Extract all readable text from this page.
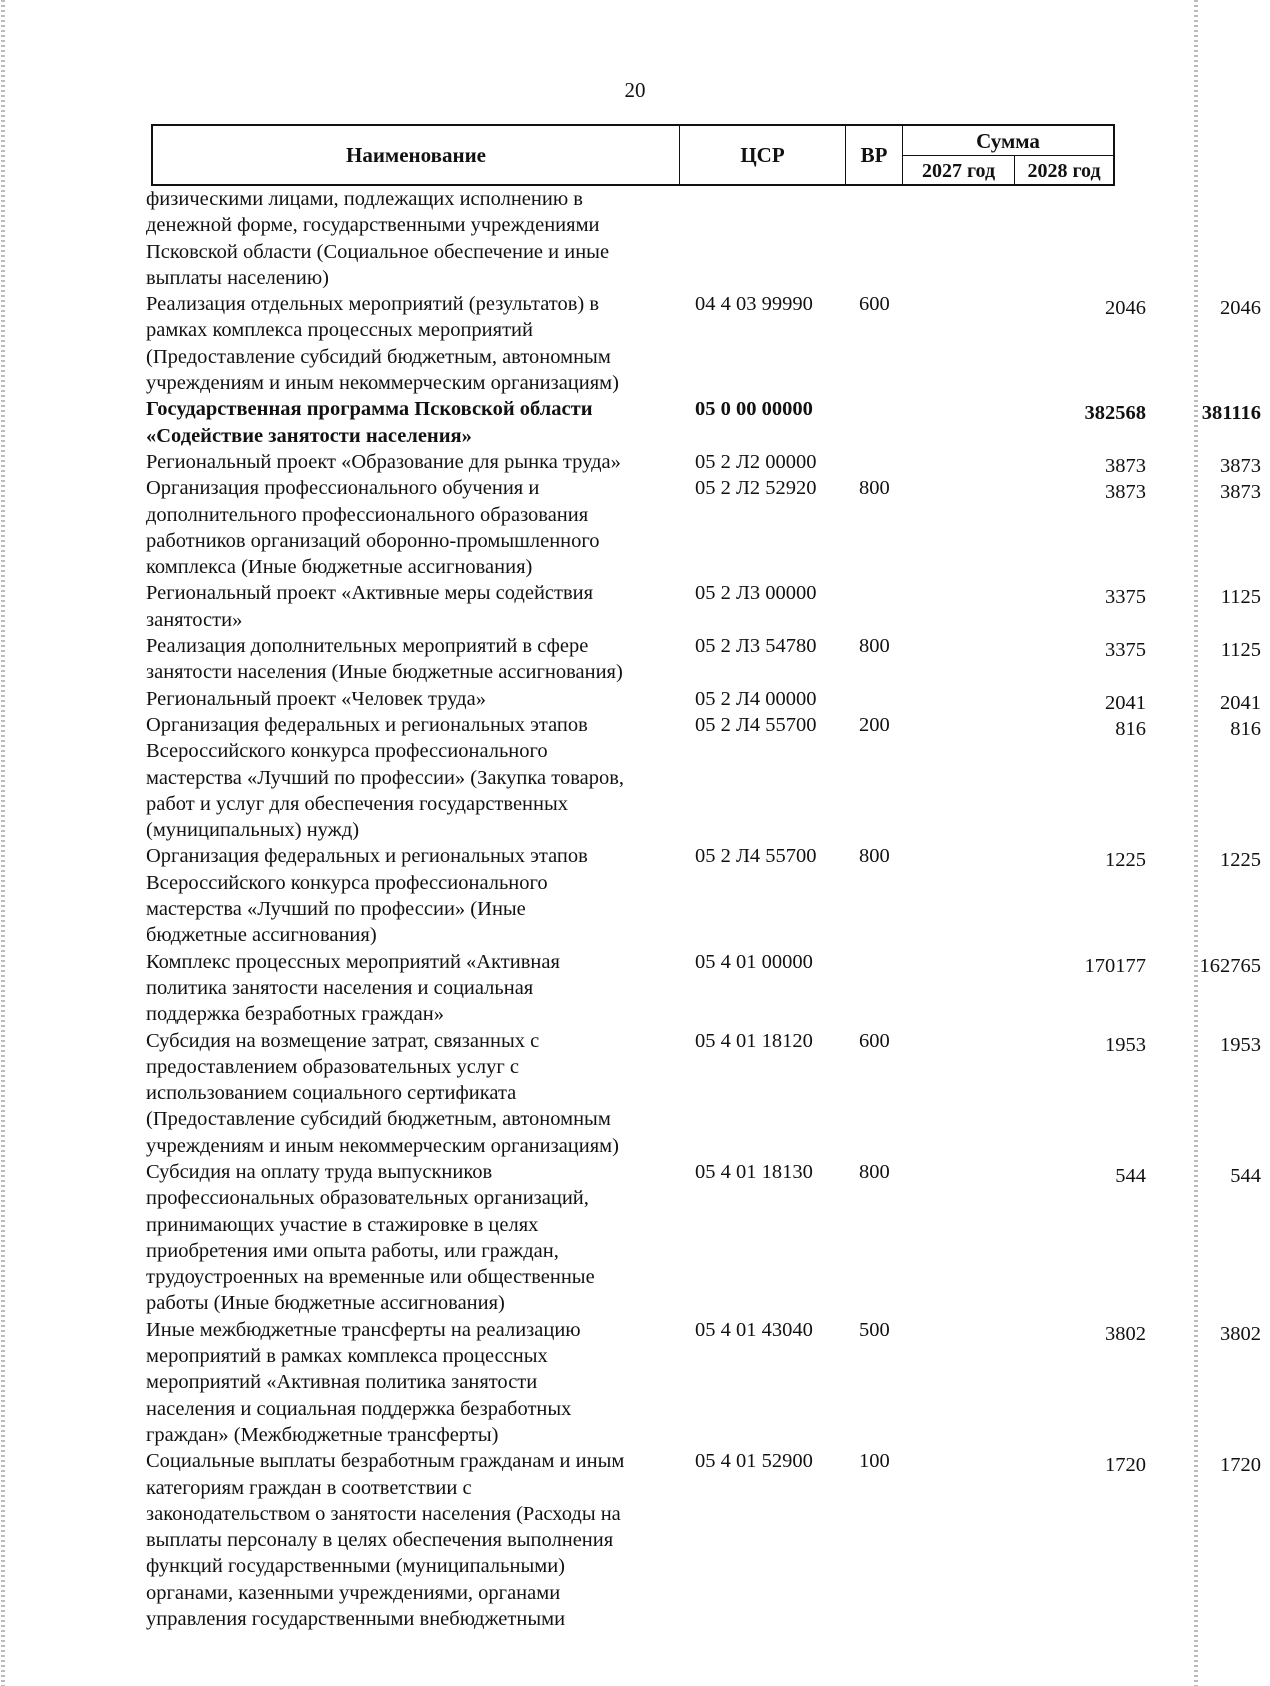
20
Наименование	ЦСР	ВР
Сумма
2027 год	2028 год
физическими лицами, подлежащих исполнению в
денежной форме, государственными учреждениями
Псковской области (Социальное обеспечение и иные
выплаты населению)
Реализация отдельных мероприятий (результатов) в
рамках комплекса процессных мероприятий
(Предоставление субсидий бюджетным, автономным
учреждениям и иным некоммерческим организациям)
04 4 03 99990 600	2046	2046
Государственная программа Псковской области
«Содействие занятости населения»
05 0 00 00000	382568	381116
Региональный проект «Образование для рынка труда»	05 2 Л2 00000	3873	3873
Организация профессионального обучения и
дополнительного профессионального образования
работников организаций оборонно-промышленного
комплекса (Иные бюджетные ассигнования)
05 2 Л2 52920 800	3873	3873
Региональный проект «Активные меры содействия
занятости»
05 2 Л3 00000	3375	1125
Реализация дополнительных мероприятий в сфере
занятости населения (Иные бюджетные ассигнования)
05 2 Л3 54780 800	3375	1125
Региональный проект «Человек труда»	05 2 Л4 00000	2041	2041
Организация федеральных и региональных этапов
Всероссийского конкурса профессионального
мастерства «Лучший по профессии» (Закупка товаров,
работ и услуг для обеспечения государственных
(муниципальных) нужд)
05 2 Л4 55700 200	816	816
Организация федеральных и региональных этапов
Всероссийского конкурса профессионального
мастерства «Лучший по профессии» (Иные
бюджетные ассигнования)
05 2 Л4 55700 800	1225	1225
Комплекс процессных мероприятий «Активная
политика занятости населения и социальная
поддержка безработных граждан»
05 4 01 00000	170177	162765
Субсидия на возмещение затрат, связанных с
предоставлением образовательных услуг с
использованием социального сертификата
(Предоставление субсидий бюджетным, автономным
учреждениям и иным некоммерческим организациям)
05 4 01 18120 600	1953	1953
Субсидия на оплату труда выпускников
профессиональных образовательных организаций,
принимающих участие в стажировке в целях
приобретения ими опыта работы, или граждан,
трудоустроенных на временные или общественные
работы (Иные бюджетные ассигнования)
05 4 01 18130 800	544	544
Иные межбюджетные трансферты на реализацию
мероприятий в рамках комплекса процессных
мероприятий «Активная политика занятости
населения и социальная поддержка безработных
граждан» (Межбюджетные трансферты)
05 4 01 43040 500	3802	3802
Социальные выплаты безработным гражданам и иным
категориям граждан в соответствии с
законодательством о занятости населения (Расходы на
выплаты персоналу в целях обеспечения выполнения
функций государственными (муниципальными)
органами, казенными учреждениями, органами
управления государственными внебюджетными
05 4 01 52900 100	1720	1720
